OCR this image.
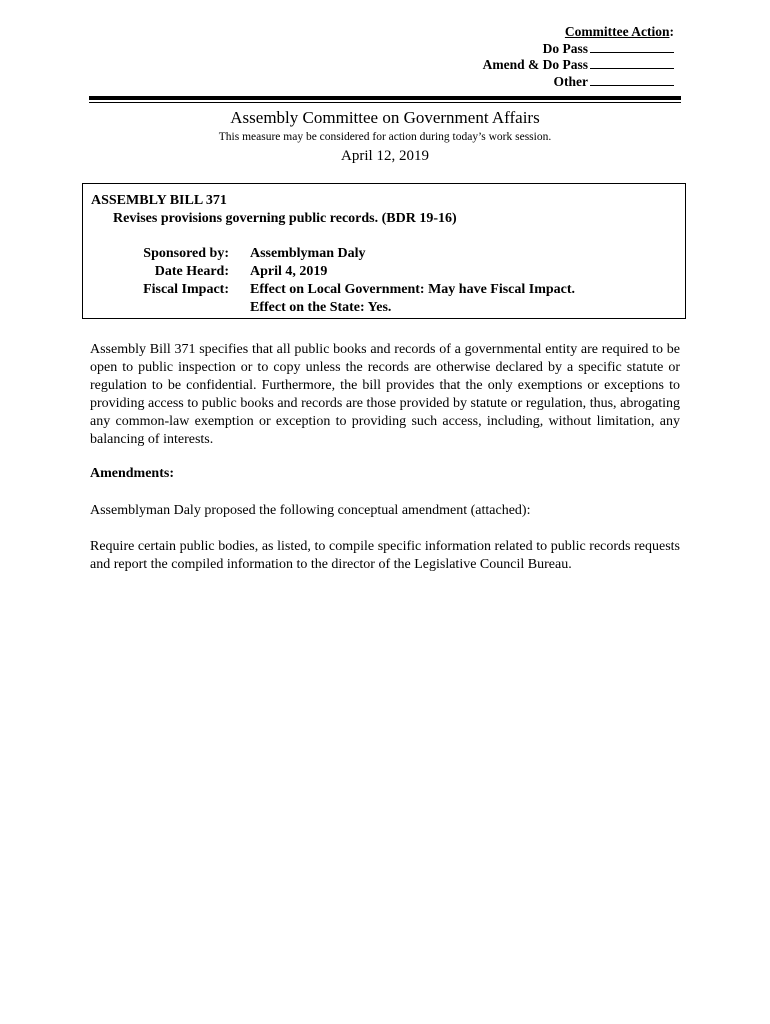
Committee Action:
Do Pass
Amend & Do Pass
Other
Assembly Committee on Government Affairs
This measure may be considered for action during today’s work session.
April 12, 2019
ASSEMBLY BILL 371
Revises provisions governing public records. (BDR 19-16)
Sponsored by: Assemblyman Daly
Date Heard: April 4, 2019
Fiscal Impact: Effect on Local Government: May have Fiscal Impact.
Effect on the State: Yes.
Assembly Bill 371 specifies that all public books and records of a governmental entity are required to be open to public inspection or to copy unless the records are otherwise declared by a specific statute or regulation to be confidential. Furthermore, the bill provides that the only exemptions or exceptions to providing access to public books and records are those provided by statute or regulation, thus, abrogating any common-law exemption or exception to providing such access, including, without limitation, any balancing of interests.
Amendments:
Assemblyman Daly proposed the following conceptual amendment (attached):
Require certain public bodies, as listed, to compile specific information related to public records requests and report the compiled information to the director of the Legislative Council Bureau.
